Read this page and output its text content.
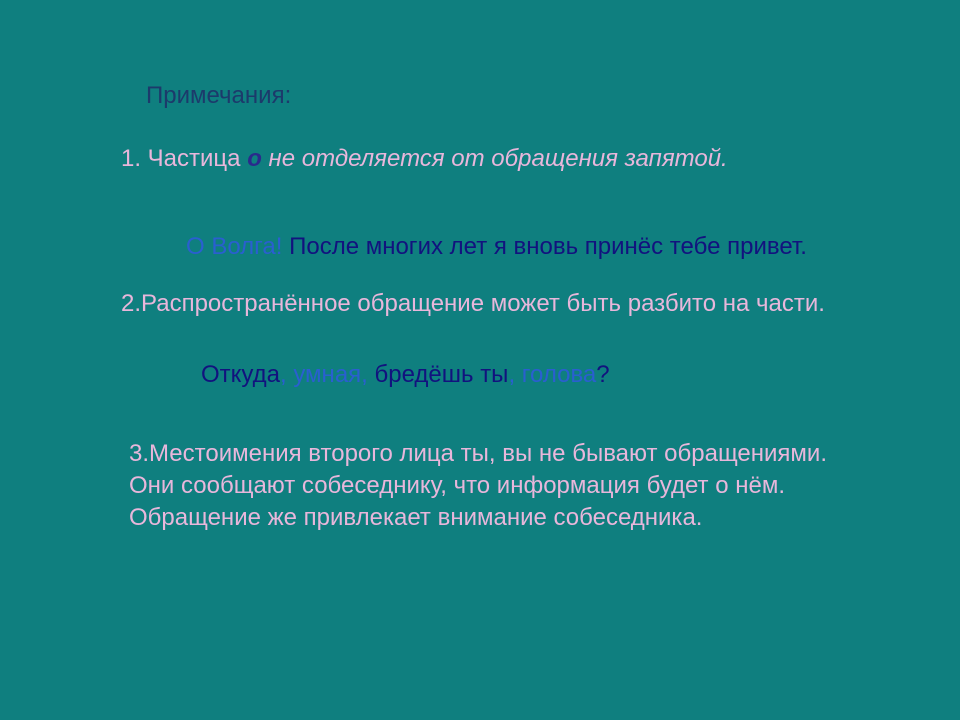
Примечания:

1. Частица о не отделяется от обращения запятой.

О Волга! После многих лет я вновь принёс тебе привет.

2.Распространённое обращение может быть разбито на части.

Откуда, умная, бредёшь ты, голова?

3.Местоимения второго лица ты, вы не бывают обращениями. Они сообщают собеседнику, что информация будет о нём. Обращение же привлекает внимание собеседника.
